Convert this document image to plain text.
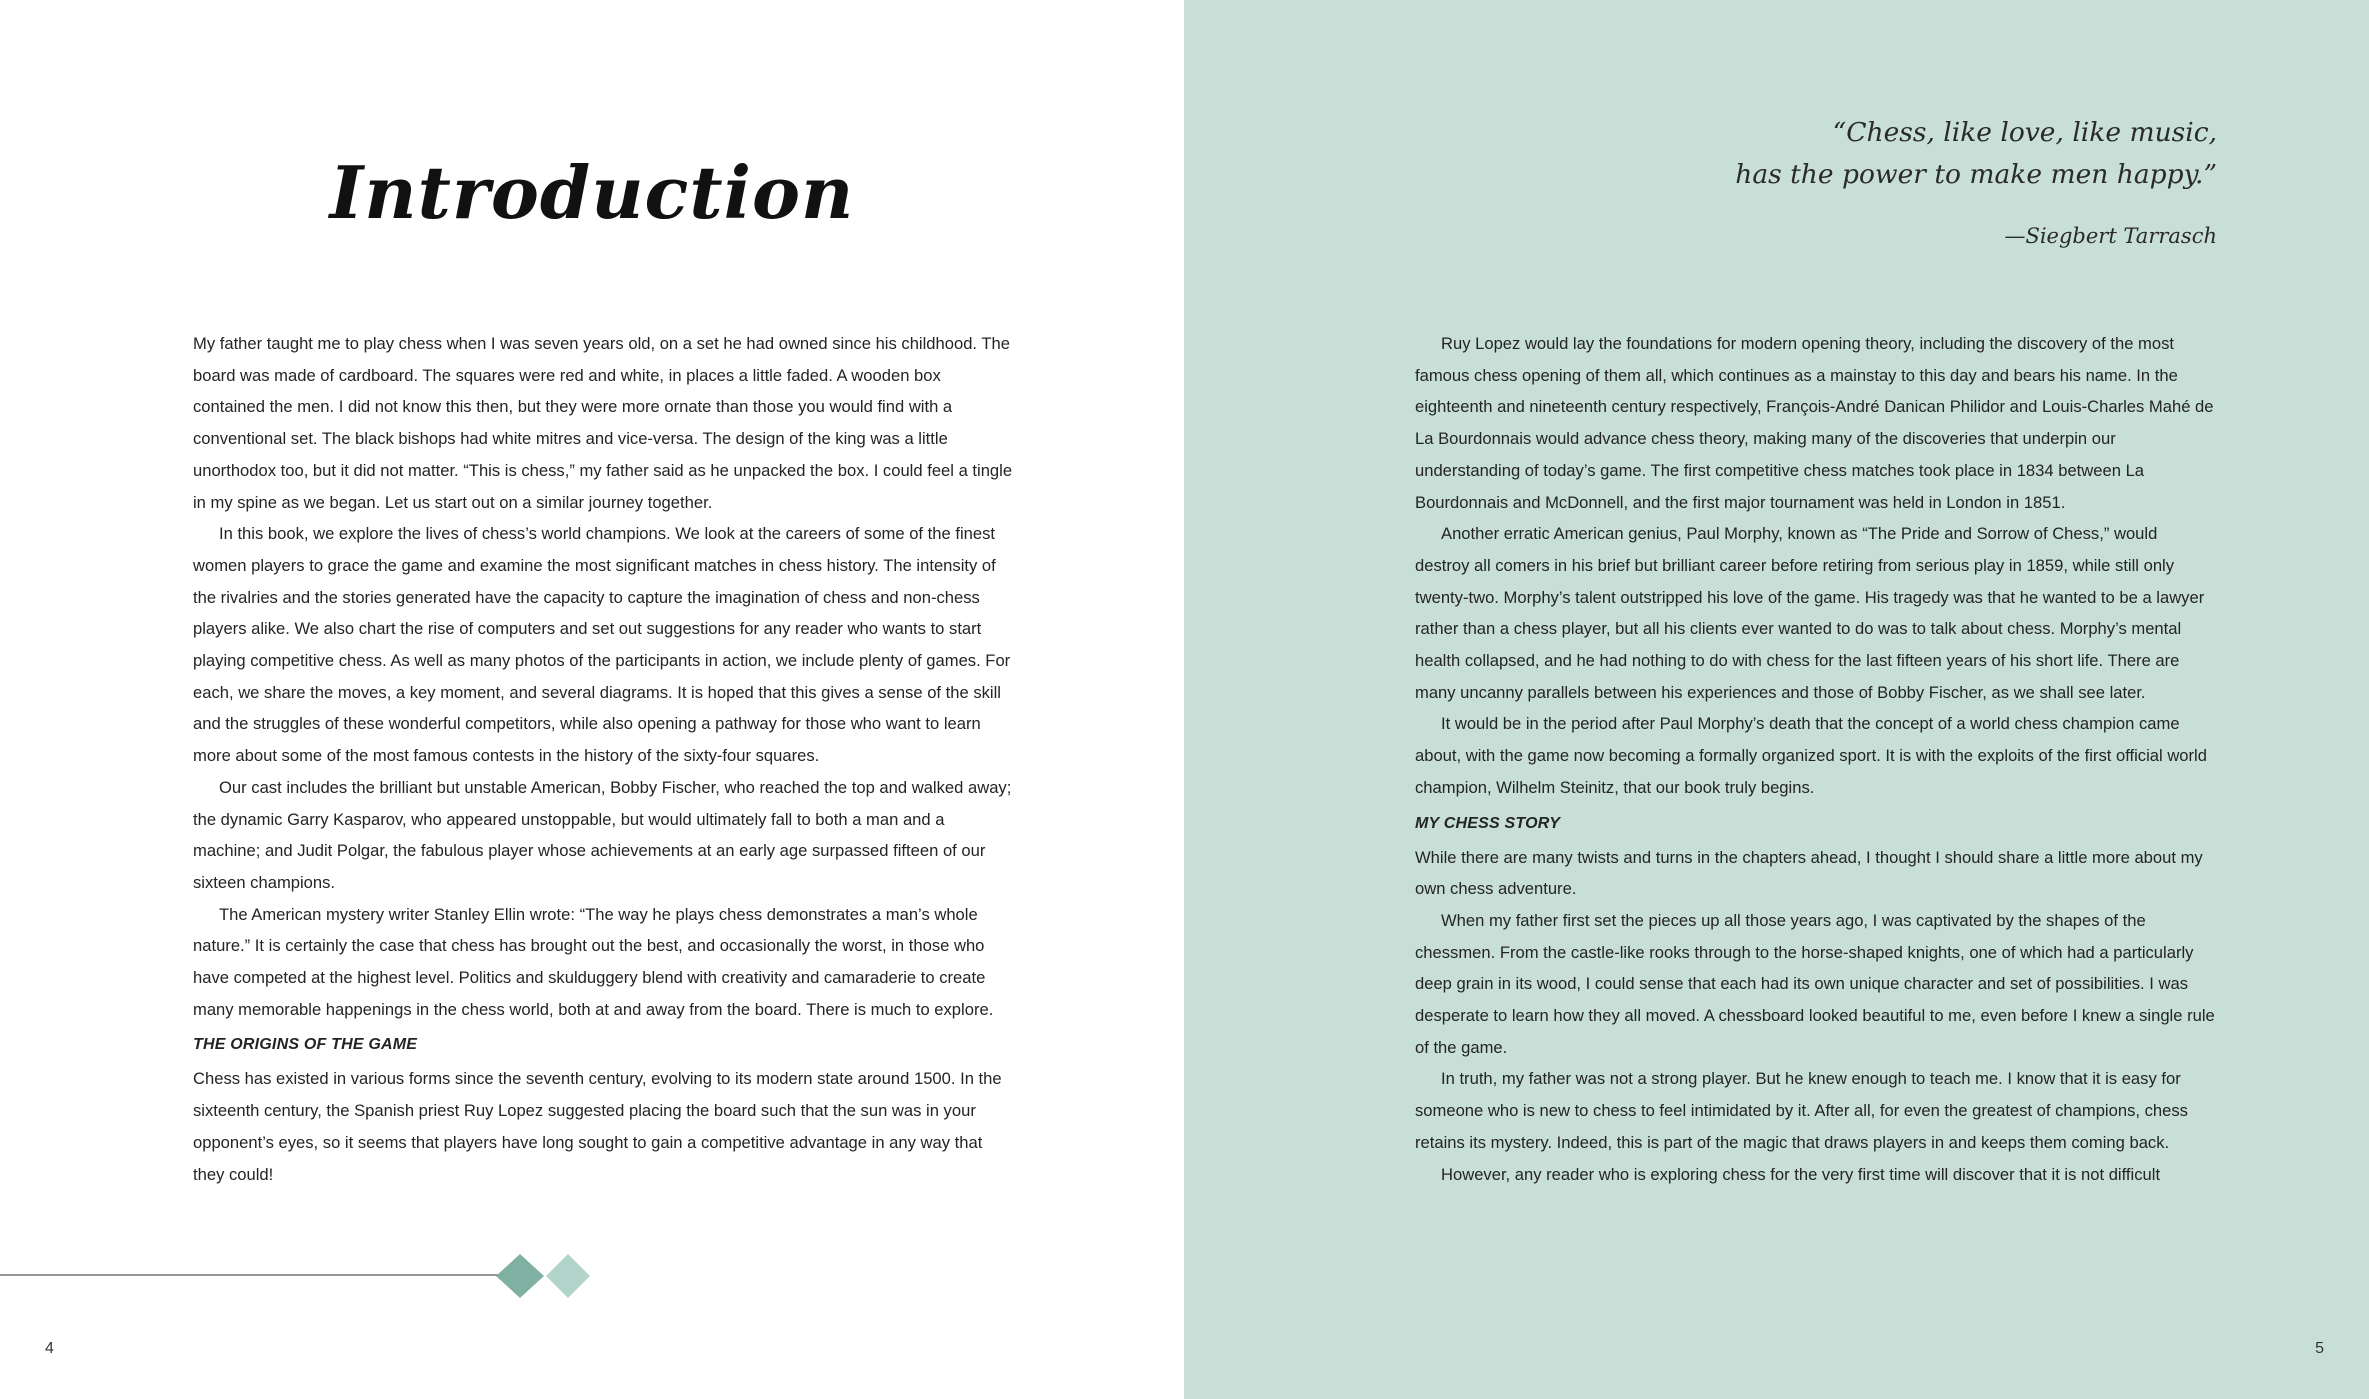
Introduction

My father taught me to play chess when I was seven years old, on a set he had owned since his childhood. The board was made of cardboard. The squares were red and white, in places a little faded. A wooden box contained the men. I did not know this then, but they were more ornate than those you would find with a conventional set. The black bishops had white mitres and vice-versa. The design of the king was a little unorthodox too, but it did not matter. “This is chess,” my father said as he unpacked the box. I could feel a tingle in my spine as we began. Let us start out on a similar journey together.

In this book, we explore the lives of chess’s world champions. We look at the careers of some of the finest women players to grace the game and examine the most significant matches in chess history. The intensity of the rivalries and the stories generated have the capacity to capture the imagination of chess and non-chess players alike. We also chart the rise of computers and set out suggestions for any reader who wants to start playing competitive chess. As well as many photos of the participants in action, we include plenty of games. For each, we share the moves, a key moment, and several diagrams. It is hoped that this gives a sense of the skill and the struggles of these wonderful competitors, while also opening a pathway for those who want to learn more about some of the most famous contests in the history of the sixty-four squares.

Our cast includes the brilliant but unstable American, Bobby Fischer, who reached the top and walked away; the dynamic Garry Kasparov, who appeared unstoppable, but would ultimately fall to both a man and a machine; and Judit Polgar, the fabulous player whose achievements at an early age surpassed fifteen of our sixteen champions.

The American mystery writer Stanley Ellin wrote: “The way he plays chess demonstrates a man’s whole nature.” It is certainly the case that chess has brought out the best, and occasionally the worst, in those who have competed at the highest level. Politics and skulduggery blend with creativity and camaraderie to create many memorable happenings in the chess world, both at and away from the board. There is much to explore.

THE ORIGINS OF THE GAME

Chess has existed in various forms since the seventh century, evolving to its modern state around 1500. In the sixteenth century, the Spanish priest Ruy Lopez suggested placing the board such that the sun was in your opponent’s eyes, so it seems that players have long sought to gain a competitive advantage in any way that they could!

4
“Chess, like love, like music,
has the power to make men happy.”
—Siegbert Tarrasch
5

Ruy Lopez would lay the foundations for modern opening theory, including the discovery of the most famous chess opening of them all, which continues as a mainstay to this day and bears his name. In the eighteenth and nineteenth century respectively, François-André Danican Philidor and Louis-Charles Mahé de La Bourdonnais would advance chess theory, making many of the discoveries that underpin our understanding of today’s game. The first competitive chess matches took place in 1834 between La Bourdonnais and McDonnell, and the first major tournament was held in London in 1851.

Another erratic American genius, Paul Morphy, known as “The Pride and Sorrow of Chess,” would destroy all comers in his brief but brilliant career before retiring from serious play in 1859, while still only twenty-two. Morphy’s talent outstripped his love of the game. His tragedy was that he wanted to be a lawyer rather than a chess player, but all his clients ever wanted to do was to talk about chess. Morphy’s mental health collapsed, and he had nothing to do with chess for the last fifteen years of his short life. There are many uncanny parallels between his experiences and those of Bobby Fischer, as we shall see later.

It would be in the period after Paul Morphy’s death that the concept of a world chess champion came about, with the game now becoming a formally organized sport. It is with the exploits of the first official world champion, Wilhelm Steinitz, that our book truly begins.

MY CHESS STORY

While there are many twists and turns in the chapters ahead, I thought I should share a little more about my own chess adventure.

When my father first set the pieces up all those years ago, I was captivated by the shapes of the chessmen. From the castle-like rooks through to the horse-shaped knights, one of which had a particularly deep grain in its wood, I could sense that each had its own unique character and set of possibilities. I was desperate to learn how they all moved. A chessboard looked beautiful to me, even before I knew a single rule of the game.

In truth, my father was not a strong player. But he knew enough to teach me. I know that it is easy for someone who is new to chess to feel intimidated by it. After all, for even the greatest of champions, chess retains its mystery. Indeed, this is part of the magic that draws players in and keeps them coming back.

However, any reader who is exploring chess for the very first time will discover that it is not difficult
